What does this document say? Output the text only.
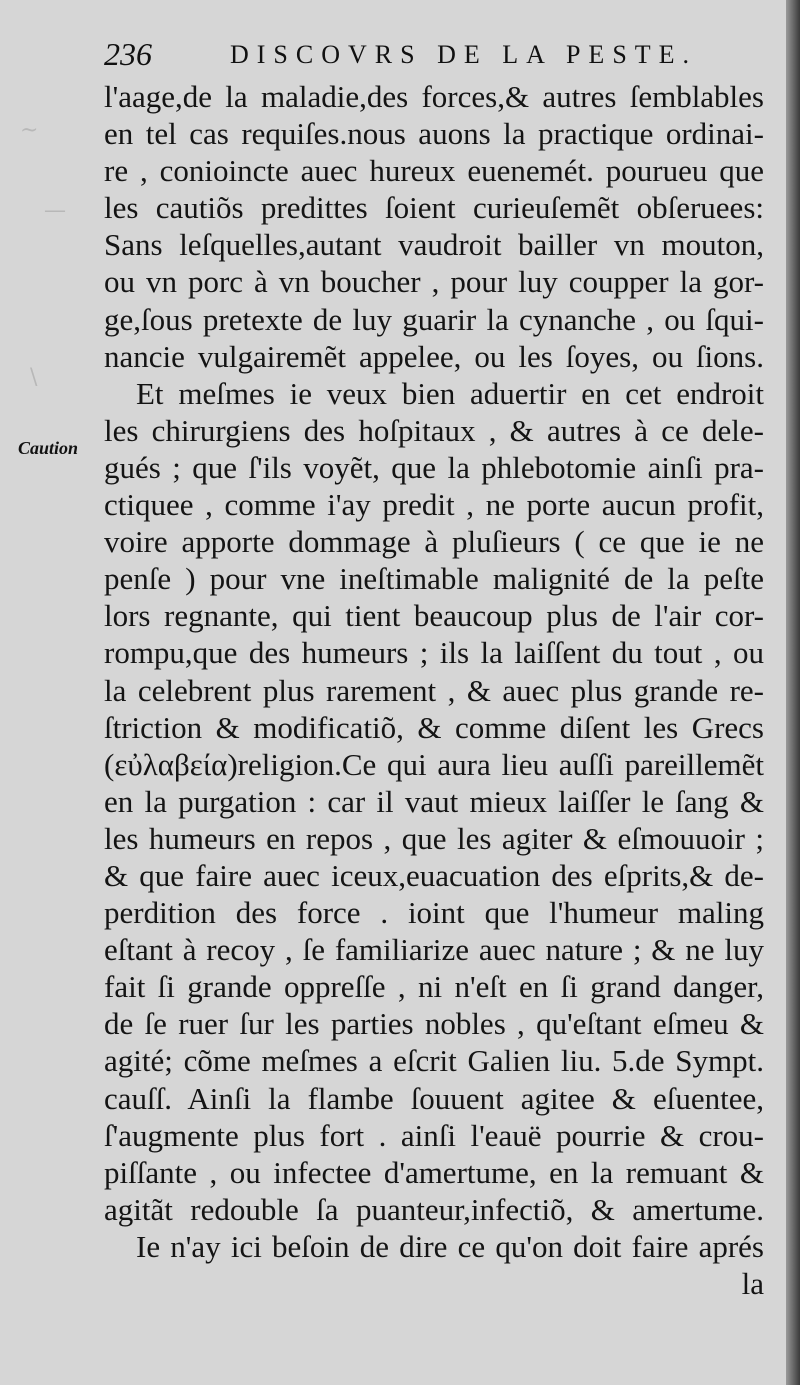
~
—
\
236	DISCOVRS DE LA PESTE.
Caution
l'aage,de la maladie,des forces,& autres ſemblables
en tel cas requiſes.nous auons la practique ordinai-
re , conioincte auec hureux euenemét. pourueu que
les cautiõs predittes ſoient curieuſemẽt obſeruees:
Sans leſquelles,autant vaudroit bailler vn mouton,
ou vn porc à vn boucher , pour luy coupper la gor-
ge,ſous pretexte de luy guarir la cynanche , ou ſqui-
nancie vulgairemẽt appelee, ou les ſoyes, ou ſions.
Et meſmes ie veux bien aduertir en cet endroit
les chirurgiens des hoſpitaux , & autres à ce dele-
gués ; que ſ'ils voyẽt, que la phlebotomie ainſi pra-
ctiquee , comme i'ay predit , ne porte aucun profit,
voire apporte dommage à pluſieurs ( ce que ie ne
penſe ) pour vne ineſtimable malignité de la peſte
lors regnante, qui tient beaucoup plus de l'air cor-
rompu,que des humeurs ; ils la laiſſent du tout , ou
la celebrent plus rarement , & auec plus grande re-
ſtriction & modificatiõ, & comme diſent les Grecs
(εὐλαβεία)religion.Ce qui aura lieu auſſi pareillemẽt
en la purgation : car il vaut mieux laiſſer le ſang &
les humeurs en repos , que les agiter & eſmouuoir ;
& que faire auec iceux,euacuation des eſprits,& de-
perdition des force . ioint que l'humeur maling
eſtant à recoy , ſe familiarize auec nature ; & ne luy
fait ſi grande oppreſſe , ni n'eſt en ſi grand danger,
de ſe ruer ſur les parties nobles , qu'eſtant eſmeu &
agité; cõme meſmes a eſcrit Galien liu. 5.de Sympt.
cauſſ. Ainſi la flambe ſouuent agitee & eſuentee,
ſ'augmente plus fort . ainſi l'eauë pourrie & crou-
piſſante , ou infectee d'amertume, en la remuant &
agitãt redouble ſa puanteur,infectiõ, & amertume.
Ie n'ay ici beſoin de dire ce qu'on doit faire aprés
la
